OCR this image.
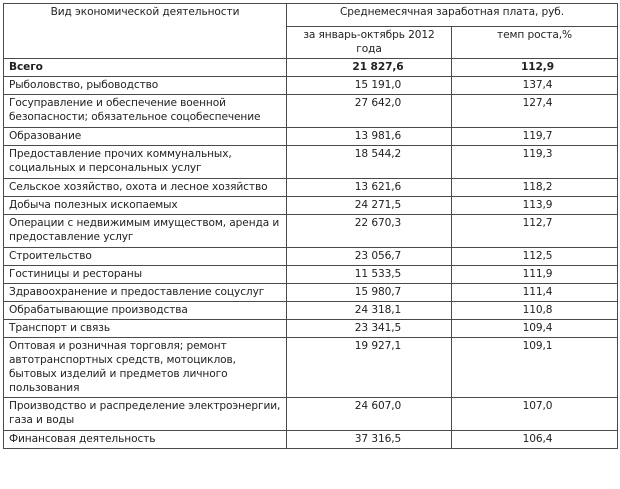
Вид экономической деятельности	Среднемесячная заработная плата, руб.	
	за январь-октябрь 2012 года	темп роста,%
Всего	21 827,6	112,9
Рыболовство, рыбоводство	15 191,0	137,4
Госуправление и обеспечение военной безопасности; обязательное соцобеспечение	27 642,0	127,4
Образование	13 981,6	119,7
Предоставление прочих коммунальных, социальных и персональных услуг	18 544,2	119,3
Сельское хозяйство, охота и лесное хозяйство	13 621,6	118,2
Добыча полезных ископаемых	24 271,5	113,9
Операции с недвижимым имуществом, аренда и предоставление услуг	22 670,3	112,7
Строительство	23 056,7	112,5
Гостиницы и рестораны	11 533,5	111,9
Здравоохранение и предоставление соцуслуг	15 980,7	111,4
Обрабатывающие производства	24 318,1	110,8
Транспорт и связь	23 341,5	109,4
Оптовая и розничная торговля; ремонт автотранспортных средств, мотоциклов, бытовых изделий и предметов личного пользования	19 927,1	109,1
Производство и распределение электроэнергии, газа и воды	24 607,0	107,0
Финансовая деятельность	37 316,5	106,4
